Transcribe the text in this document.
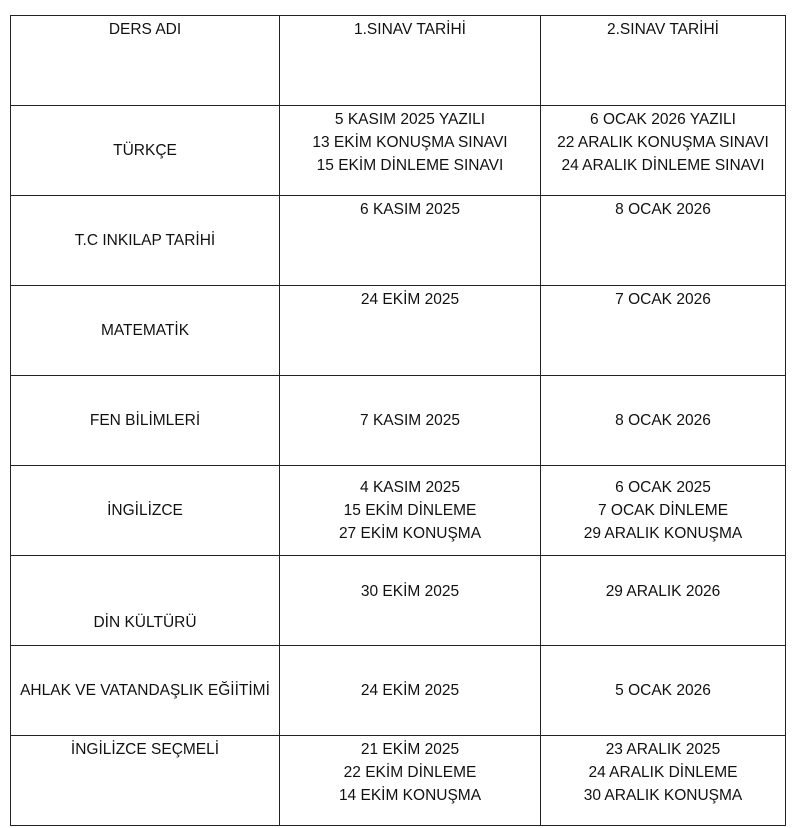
DERS ADI	1.SINAV TARİHİ	2.SINAV TARİHİ

TÜRKÇE	5 KASIM 2025 YAZILI
13 EKİM KONUŞMA SINAVI
15 EKİM DİNLEME SINAVI	6 OCAK 2026 YAZILI
22 ARALIK KONUŞMA SINAVI
24 ARALIK DİNLEME SINAVI

T.C INKILAP TARİHİ	6 KASIM 2025	8 OCAK 2026

MATEMATİK	24 EKİM 2025	7 OCAK 2026

FEN BİLİMLERİ	7 KASIM 2025	8 OCAK 2026

İNGİLİZCE	4 KASIM 2025
15 EKİM DİNLEME
27 EKİM KONUŞMA	6 OCAK 2025
7 OCAK DİNLEME
29 ARALIK KONUŞMA

DİN KÜLTÜRÜ	30 EKİM 2025	29 ARALIK 2026

AHLAK VE VATANDAŞLIK EĞİİTİMİ	24 EKİM 2025	5 OCAK 2026

İNGİLİZCE SEÇMELİ	21 EKİM 2025
22 EKİM DİNLEME
14 EKİM KONUŞMA	23 ARALIK 2025
24 ARALIK DİNLEME
30 ARALIK KONUŞMA
